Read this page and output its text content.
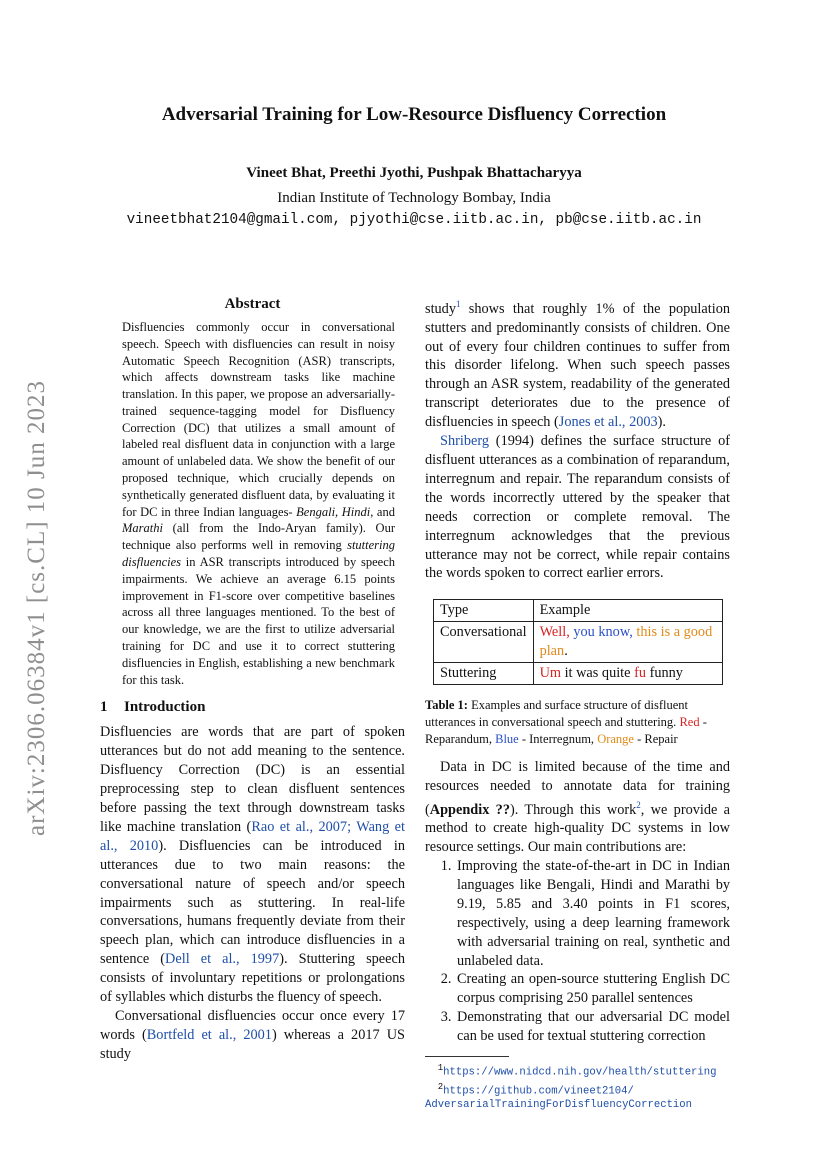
arXiv:2306.06384v1 [cs.CL] 10 Jun 2023
Adversarial Training for Low-Resource Disfluency Correction
Vineet Bhat, Preethi Jyothi, Pushpak Bhattacharyya
Indian Institute of Technology Bombay, India
vineetbhat2104@gmail.com, pjyothi@cse.iitb.ac.in, pb@cse.iitb.ac.in
Abstract
Disfluencies commonly occur in conversational speech. Speech with disfluencies can result in noisy Automatic Speech Recognition (ASR) transcripts, which affects downstream tasks like machine translation. In this paper, we propose an adversarially-trained sequence-tagging model for Disfluency Correction (DC) that utilizes a small amount of labeled real disfluent data in conjunction with a large amount of unlabeled data. We show the benefit of our proposed technique, which crucially depends on synthetically generated disfluent data, by evaluating it for DC in three Indian languages- Bengali, Hindi, and Marathi (all from the Indo-Aryan family). Our technique also performs well in removing stuttering disfluencies in ASR transcripts introduced by speech impairments. We achieve an average 6.15 points improvement in F1-score over competitive baselines across all three languages mentioned. To the best of our knowledge, we are the first to utilize adversarial training for DC and use it to correct stuttering disfluencies in English, establishing a new benchmark for this task.
1 Introduction

Disfluencies are words that are part of spoken utterances but do not add meaning to the sentence. Disfluency Correction (DC) is an essential preprocessing step to clean disfluent sentences before passing the text through downstream tasks like machine translation (Rao et al., 2007; Wang et al., 2010). Disfluencies can be introduced in utterances due to two main reasons: the conversational nature of speech and/or speech impairments such as stuttering. In real-life conversations, humans frequently deviate from their speech plan, which can introduce disfluencies in a sentence (Dell et al., 1997). Stuttering speech consists of involuntary repetitions or prolongations of syllables which disturbs the fluency of speech.

Conversational disfluencies occur once every 17 words (Bortfeld et al., 2001) whereas a 2017 US study

study$^1$ shows that roughly 1% of the population stutters and predominantly consists of children. One out of every four children continues to suffer from this disorder lifelong. When such speech passes through an ASR system, readability of the generated transcript deteriorates due to the presence of disfluencies in speech (Jones et al., 2003).

Shriberg (1994) defines the surface structure of disfluent utterances as a combination of reparandum, interregnum and repair. The reparandum consists of the words incorrectly uttered by the speaker that needs correction or complete removal. The interregnum acknowledges that the previous utterance may not be correct, while repair contains the words spoken to correct earlier errors.

Type	Example
Conversational	Well, you know, this is a good plan.
Stuttering	Um it was quite fu funny
Table 1: Examples and surface structure of disfluent utterances in conversational speech and stuttering. Red - Reparandum, Blue - Interregnum, Orange - Repair

Data in DC is limited because of the time and resources needed to annotate data for training (Appendix ??). Through this work$^2$, we provide a method to create high-quality DC systems in low resource settings. Our main contributions are:

1. Improving the state-of-the-art in DC in Indian languages like Bengali, Hindi and Marathi by 9.19, 5.85 and 3.40 points in F1 scores, respectively, using a deep learning framework with adversarial training on real, synthetic and unlabeled data.
2. Creating an open-source stuttering English DC corpus comprising 250 parallel sentences
3. Demonstrating that our adversarial DC model can be used for textual stuttering correction
$^1$https://www.nidcd.nih.gov/health/stuttering
$^2$https://github.com/vineet2104/
AdversarialTrainingForDisfluencyCorrection
